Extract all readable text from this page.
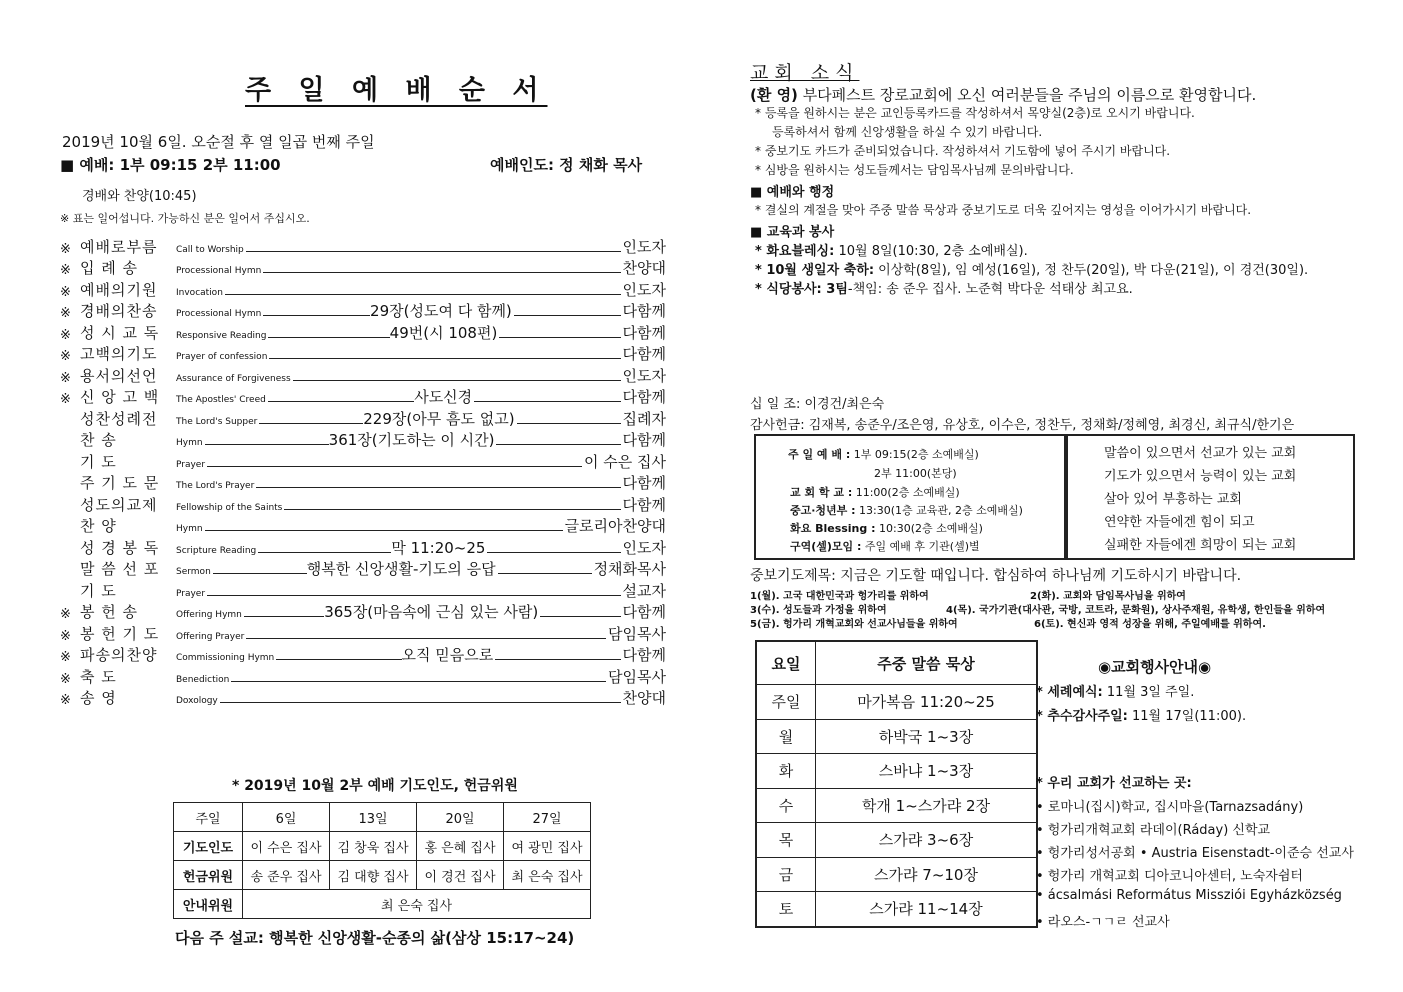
주 일 예 배 순 서
2019년 10월 6일. 오순절 후 열 일곱 번째 주일
■ 예배: 1부 09:15 2부 11:00	예배인도: 정 채화 목사
경배와 찬양(10:45)
※ 표는 일어섭니다. 가능하신 분은 일어서 주십시오.
※ 예배로부름	Call to Worship	인도자
※ 입 례 송	Processional Hymn	찬양대
※ 예배의기원	Invocation	인도자
※ 경배의찬송	Processional Hymn	29장(성도여 다 함께)	다함께
※ 성 시 교 독	Responsive Reading	49번(시 108편)	다함께
※ 고백의기도	Prayer of confession	다함께
※ 용서의선언	Assurance of Forgiveness	인도자
※ 신 앙 고 백	The Apostles' Creed	사도신경	다함께
성찬성례전	The Lord's Supper	229장(아무 흠도 없고)	집례자
찬 송	Hymn	361장(기도하는 이 시간)	다함께
기 도	Prayer	이 수은 집사
주 기 도 문	The Lord's Prayer	다함께
성도의교제	Fellowship of the Saints	다함께
찬 양	Hymn	글로리아찬양대
성 경 봉 독	Scripture Reading	막 11:20~25	인도자
말 씀 선 포	Sermon	행복한 신앙생활-기도의 응답	정채화목사
기 도	Prayer	설교자
※ 봉 헌 송	Offering Hymn	365장(마음속에 근심 있는 사람)	다함께
※ 봉 헌 기 도	Offering Prayer	담임목사
※ 파송의찬양	Commissioning Hymn	오직 믿음으로	다함께
※ 축 도	Benediction	담임목사
※ 송 영	Doxology	찬양대
* 2019년 10월 2부 예배 기도인도, 헌금위원
주일	6일	13일	20일	27일
기도인도	이 수은 집사	김 창욱 집사	홍 은혜 집사	여 광민 집사
헌금위원	송 준우 집사	김 대향 집사	이 경건 집사	최 은숙 집사
안내위원	최 은숙 집사			
다음 주 설교: 행복한 신앙생활-순종의 삶(삼상 15:17~24)
교회 소식
(환 영) 부다페스트 장로교회에 오신 여러분들을 주님의 이름으로 환영합니다.
* 등록을 원하시는 분은 교인등록카드를 작성하셔서 목양실(2층)로 오시기 바랍니다.
등록하셔서 함께 신앙생활을 하실 수 있기 바랍니다.
* 중보기도 카드가 준비되었습니다. 작성하셔서 기도함에 넣어 주시기 바랍니다.
* 심방을 원하시는 성도들께서는 담임목사님께 문의바랍니다.
■ 예배와 행정
* 결실의 계절을 맞아 주중 말씀 묵상과 중보기도로 더욱 깊어지는 영성을 이어가시기 바랍니다.
■ 교육과 봉사
* 화요블레싱: 10월 8일(10:30, 2층 소예배실).
* 10월 생일자 축하: 이상학(8일), 임 예성(16일), 정 찬두(20일), 박 다운(21일), 이 경건(30일).
* 식당봉사: 3팀-책임: 송 준우 집사. 노준혁 박다운 석태상 최고요.
십 일 조: 이경건/최은숙
감사헌금: 김재복, 송준우/조은영, 유상호, 이수은, 정찬두, 정채화/정혜영, 최경신, 최규식/한기은
주 일 예 배 : 1부 09:15(2층 소예배실)
2부 11:00(본당)
교 회 학 교 : 11:00(2층 소예배실)
중고·청년부 : 13:30(1층 교육관, 2층 소예배실)
화요 Blessing : 10:30(2층 소예배실)
구역(셀)모임 : 주일 예배 후 기관(셀)별
말씀이 있으면서 선교가 있는 교회
기도가 있으면서 능력이 있는 교회
살아 있어 부흥하는 교회
연약한 자들에겐 힘이 되고
실패한 자들에겐 희망이 되는 교회
중보기도제목: 지금은 기도할 때입니다. 합심하여 하나님께 기도하시기 바랍니다.
1(월). 고국 대한민국과 헝가리를 위하여	2(화). 교회와 담임목사님을 위하여
3(수). 성도들과 가정을 위하여	4(목). 국가기관(대사관, 국방, 코트라, 문화원), 상사주재원, 유학생, 한인들을 위하여
5(금). 헝가리 개혁교회와 선교사님들을 위하여	6(토). 현신과 영적 성장을 위해, 주일예배를 위하여.
요일	주중 말씀 묵상
주일	마가복음 11:20~25
월	하박국 1~3장
화	스바냐 1~3장
수	학개 1~스가랴 2장
목	스가랴 3~6장
금	스가랴 7~10장
토	스가랴 11~14장
◉교회행사안내◉
* 세례예식: 11월 3일 주일.
* 추수감사주일: 11월 17일(11:00).
* 우리 교회가 선교하는 곳:
• 로마니(집시)학교, 집시마을(Tarnazsadány)
• 헝가리개혁교회 라데이(Ráday) 신학교
• 헝가리성서공회 • Austria Eisenstadt-이준승 선교사
• 헝가리 개혁교회 디아코니아센터, 노숙자쉼터
• ácsalmási Református Missziói Egyházközség
• 라오스-ㄱㄱㄹ 선교사
